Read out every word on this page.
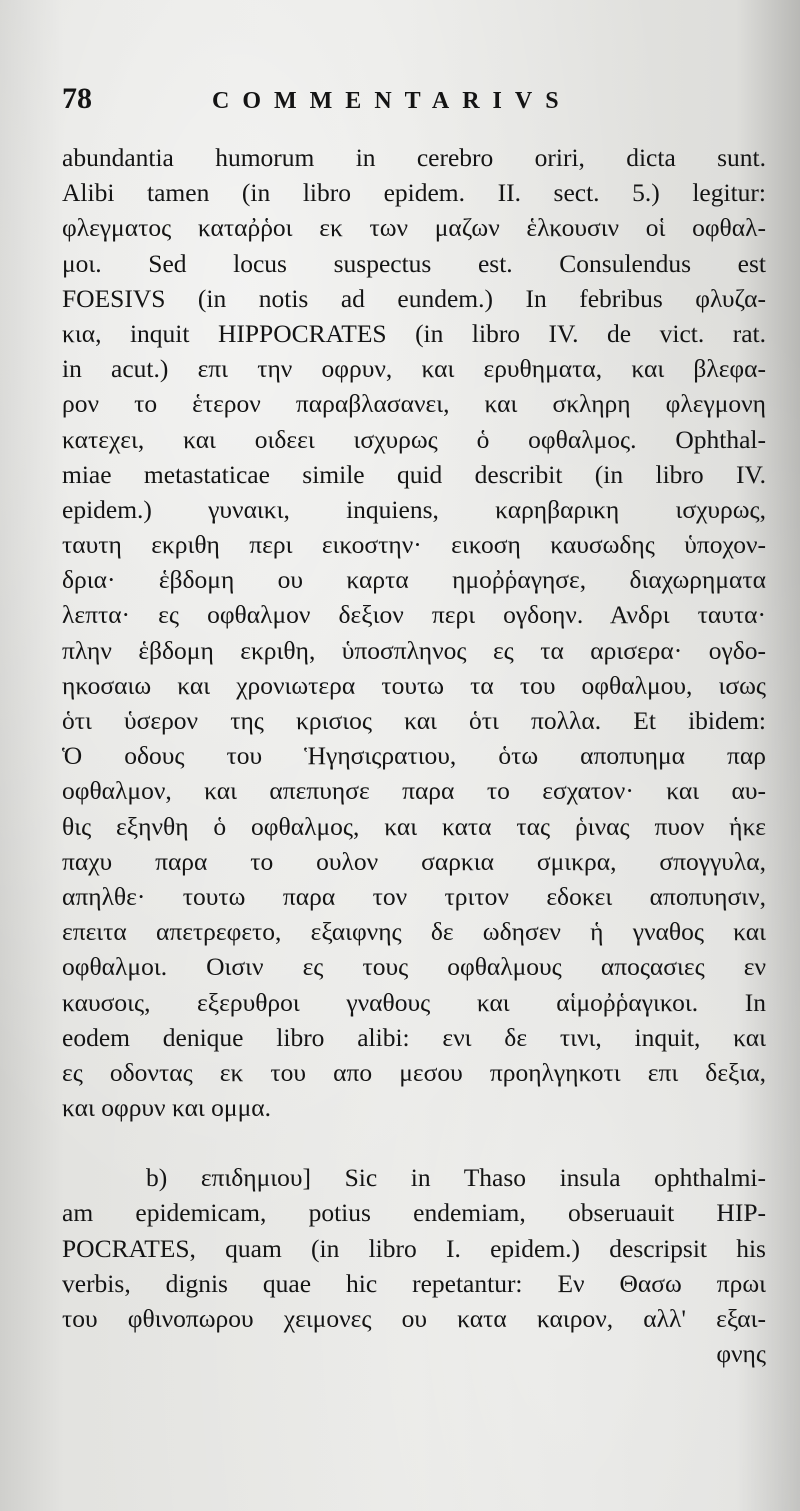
78	COMMENTARIVS
abundantia humorum in cerebro oriri, dicta sunt.
Alibi tamen (in libro epidem. II. sect. 5.) legitur:
φλεγματος καταῤῥοι εκ των μαζων ἑλκουσιν οἱ οφθαλ-
μοι. Sed locus suspectus est. Consulendus est
FOESIVS (in notis ad eundem.) In febribus φλυζα-
κια, inquit HIPPOCRATES (in libro IV. de vict. rat.
in acut.) επι την οφρυν, και ερυθηματα, και βλεφα-
ρον το ἑτερον παραβλασανει, και σκληρη φλεγμονη
κατεχει, και οιδεει ισχυρως ὁ οφθαλμος. Ophthal-
miae metastaticae simile quid describit (in libro IV.
epidem.) γυναικι, inquiens, καρηβαρικη ισχυρως,
ταυτη εκριθη περι εικοστην· εικοση καυσωδης ὑποχον-
δρια· ἑβδομη ου καρτα ημοῤῥαγησε, διαχωρηματα
λεπτα· ες οφθαλμον δεξιον περι ογδοην. Ανδρι ταυτα·
πλην ἑβδομη εκριθη, ὑποσπληνος ες τα αρισερα· ογδο-
ηκοσαιω και χρονιωτερα τουτω τα του οφθαλμου, ισως
ὁτι ὑσερον της κρισιος και ὁτι πολλα. Et ibidem:
Ὁ οδους του Ἡγησιςρατιου, ὁτω αποπυημα παρ
οφθαλμον, και απεπυησε παρα το εσχατον· και αυ-
θις εξηνθη ὁ οφθαλμος, και κατα τας ῥινας πυον ἡκε
παχυ παρα το ουλον σαρκια σμικρα, σπογγυλα,
απηλθε· τουτω παρα τον τριτον εδοκει αποπυησιν,
επειτα απετρεφετο, εξαιφνης δε ωδησεν ἡ γναθος και
οφθαλμοι. Οισιν ες τους οφθαλμους αποςασιες εν
καυσοις, εξερυθροι γναθους και αἱμοῤῥαγικοι. In
eodem denique libro alibi: ενι δε τινι, inquit, και
ες οδοντας εκ του απο μεσου προηλγηκοτι επι δεξια,
και οφρυν και ομμα.
b) επιδημιου] Sic in Thaso insula ophthalmi-
am epidemicam, potius endemiam, obseruauit HIP-
POCRATES, quam (in libro I. epidem.) descripsit his
verbis, dignis quae hic repetantur: Εν Θασω πρωι
του φθινοπωρου χειμονες ου κατα καιρον, αλλ' εξαι-
φνης
